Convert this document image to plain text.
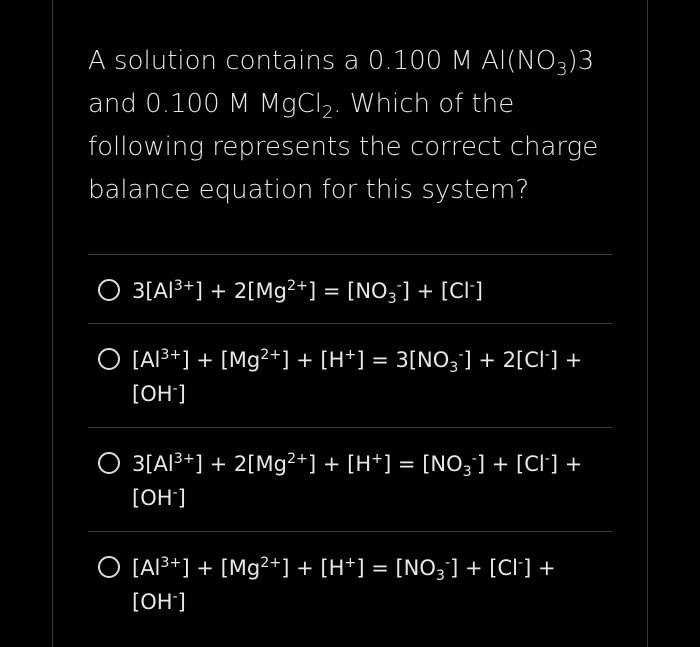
A solution contains a 0.100 M $Al(NO_3)3$
and 0.100 M MgCl$_2$. Which of the
following represents the correct charge
balance equation for this system?
$3[Al^{3+}] + 2[Mg^{2+}] = [NO_3^-] + [Cl^-]$
$[Al^{3+}] + [Mg^{2+}] + [H^+] = 3[NO_3^-] + 2[Cl^-]$ +
[OH-]
$3[Al^{3+}] + 2[Mg^{2+}] + [H^+] = [NO_3^-] + [Cl^-]$ +
[OH-]
$[Al^{3+}] + [Mg^{2+}] + [H^+] = [NO_3^-] + [Cl^-]$ +
[OH-]
